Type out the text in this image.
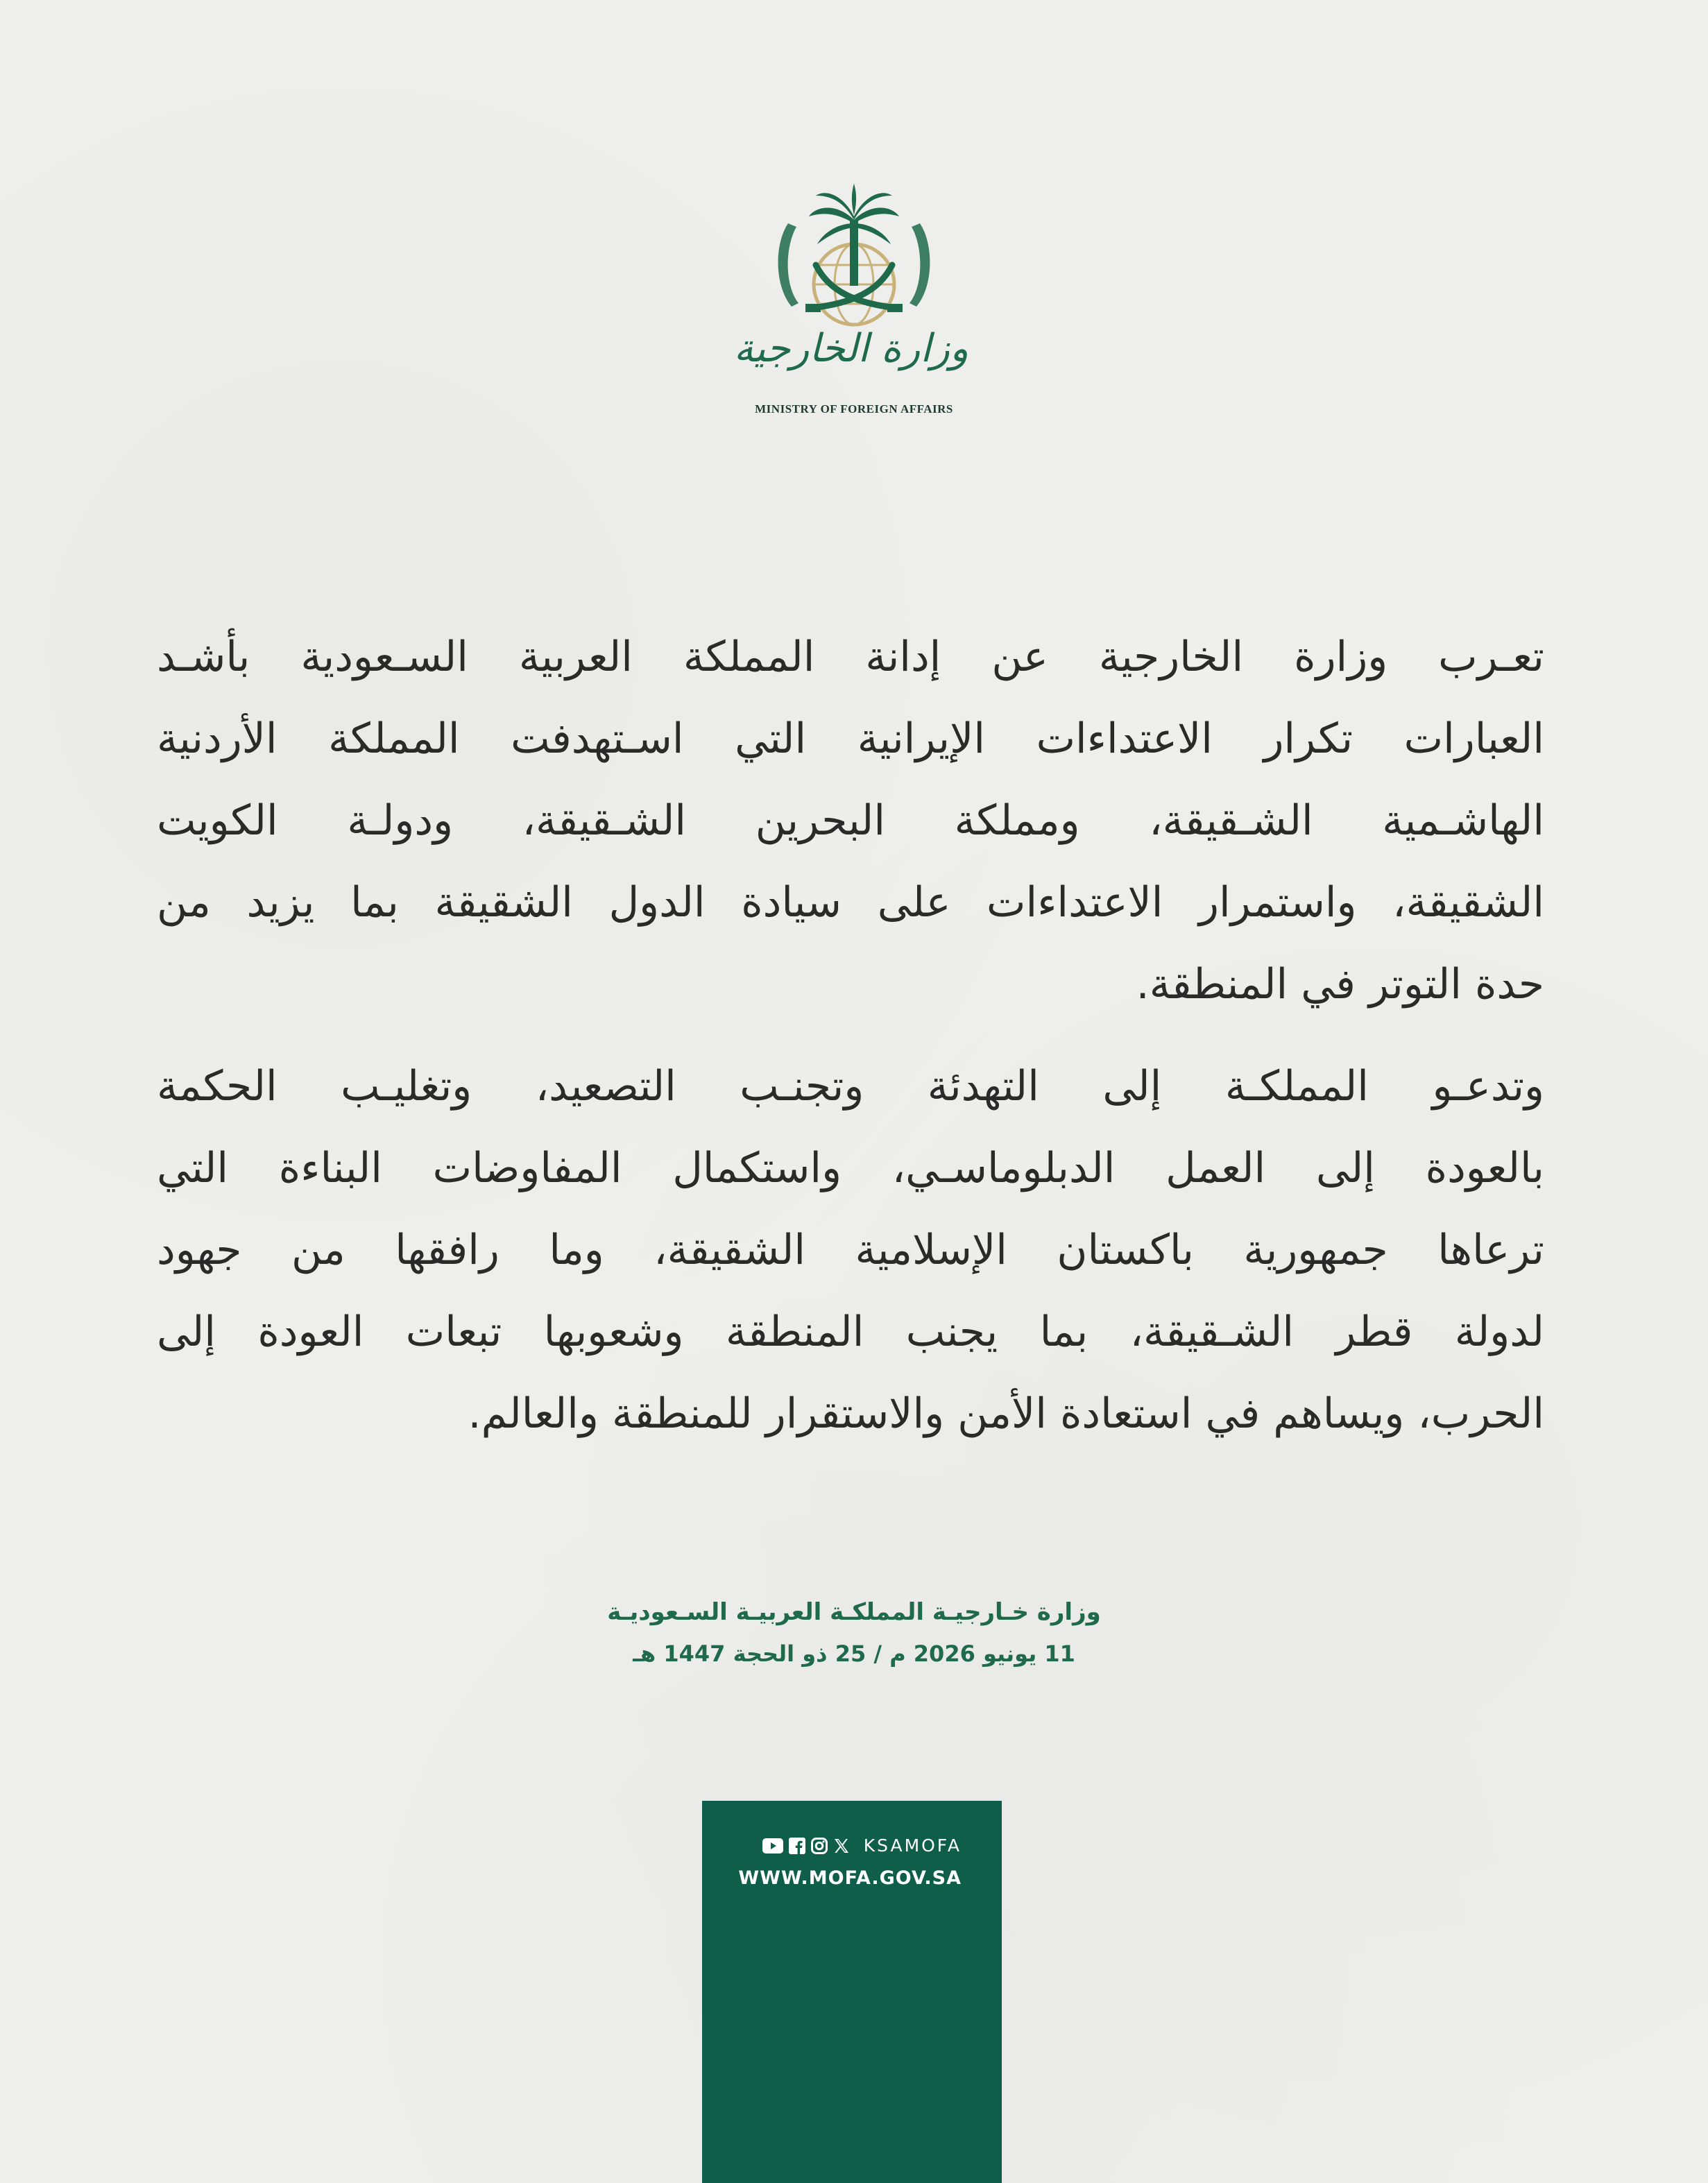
وزارة الخارجية
MINISTRY OF FOREIGN AFFAIRS
تعـرب وزارة الخارجية عن إدانة المملكة العربية السـعودية بأشـد
العبارات تكرار الاعتداءات الإيرانية التي اسـتهدفت المملكة الأردنية
الهاشـمية الشـقيقة، ومملكة البحرين الشـقيقة، ودولـة الكويت
الشقيقة، واستمرار الاعتداءات على سيادة الدول الشقيقة بما يزيد من
حدة التوتر في المنطقة.
وتدعـو المملكـة إلى التهدئة وتجنـب التصعيد، وتغليـب الحكمة
بالعودة إلى العمل الدبلوماسـي، واستكمال المفاوضات البناءة التي
ترعاها جمهورية باكستان الإسلامية الشقيقة، وما رافقها من جهود
لدولة قطر الشـقيقة، بما يجنب المنطقة وشعوبها تبعات العودة إلى
الحرب، ويساهم في استعادة الأمن والاستقرار للمنطقة والعالم.
وزارة خـارجيـة المملكـة العربيـة السـعوديـة
11 يونيو 2026 م / 25 ذو الحجة 1447 هـ
KSAMOFA
WWW.MOFA.GOV.SA
